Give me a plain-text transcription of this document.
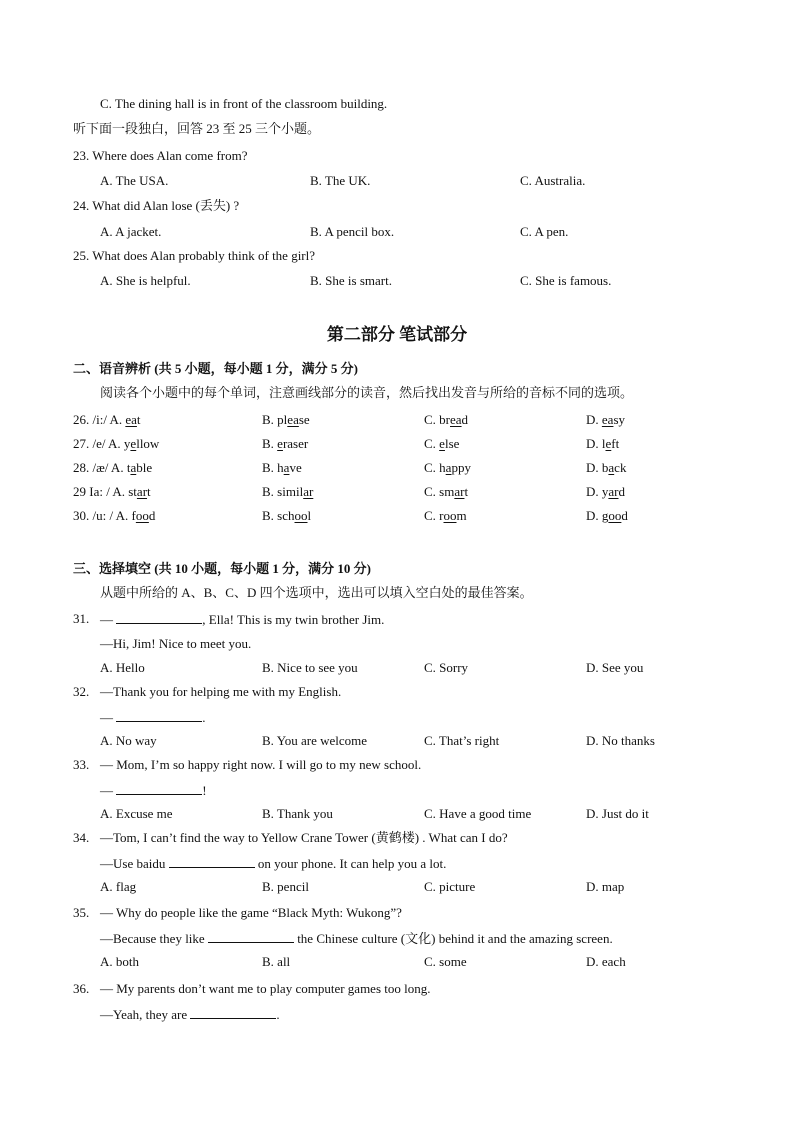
C. The dining hall is in front of the classroom building.
听下面一段独白，回答 23 至 25 三个小题。
23. Where does Alan come from?
A. The USA.	B. The UK.	C. Australia.
24. What did Alan lose (丢失) ?
A. A jacket.	B. A pencil box.	C. A pen.
25. What does Alan probably think of the girl?
A. She is helpful.	B. She is smart.	C. She is famous.
第二部分 笔试部分
二、语音辨析 (共 5 小题，每小题 1 分，满分 5 分)
阅读各个小题中的每个单词，注意画线部分的读音，然后找出发音与所给的音标不同的选项。
26. /i:/ A. eat	B. please	C. bread	D. easy
27. /e/ A. yellow	B. eraser	C. else	D. left
28. /æ/ A. table	B. have	C. happy	D. back
29 Ia: / A. start	B. similar	C. smart	D. yard
30. /u: / A. food	B. school	C. room	D. good
三、选择填空 (共 10 小题，每小题 1 分，满分 10 分)
从题中所给的 A、B、C、D 四个选项中，选出可以填入空白处的最佳答案。
31. —	, Ella! This is my twin brother Jim.
—Hi, Jim! Nice to meet you.
A. Hello	B. Nice to see you	C. Sorry	D. See you
32. —Thank you for helping me with my English.
—	.
A. No way	B. You are welcome	C. That’s right	D. No thanks
33. — Mom, I’m so happy right now. I will go to my new school.
—	!
A. Excuse me	B. Thank you	C. Have a good time	D. Just do it
34. —Tom, I can’t find the way to Yellow Crane Tower (黄鹤楼) . What can I do?
—Use baidu	on your phone. It can help you a lot.
A. flag	B. pencil	C. picture	D. map
35. — Why do people like the game “Black Myth: Wukong”?
—Because they like	the Chinese culture (文化) behind it and the amazing screen.
A. both	B. all	C. some	D. each
36. — My parents don’t want me to play computer games too long.
—Yeah, they are	.
